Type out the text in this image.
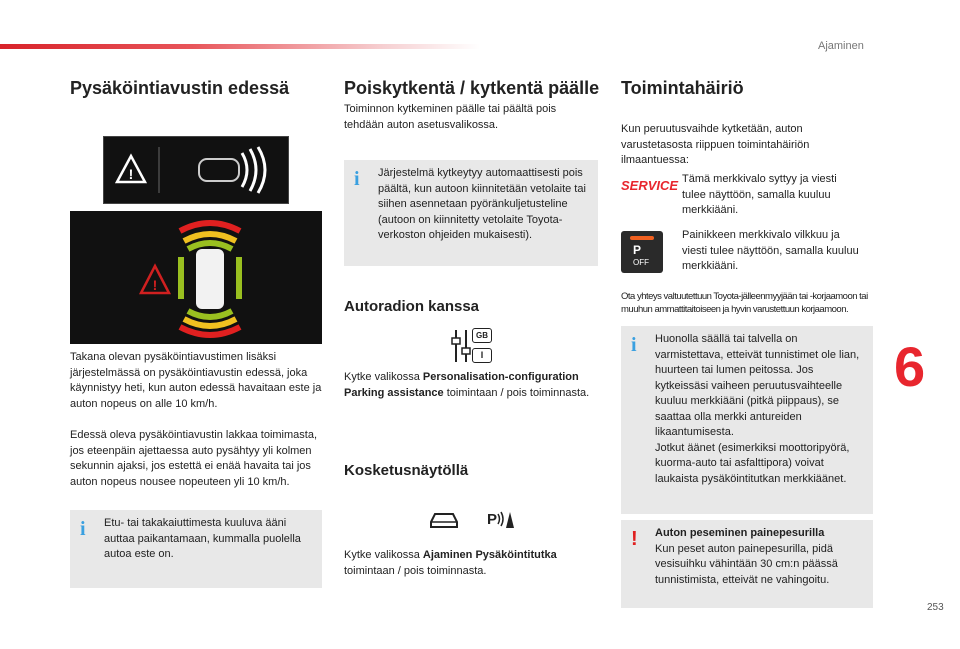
Ajaminen
Pysäköintiavustin edessä
!
!
Takana olevan pysäköintiavustimen lisäksi järjestelmässä on pysäköintiavustin edessä, joka käynnistyy heti, kun auton edessä havaitaan este ja auton nopeus on alle 10 km/h.
Edessä oleva pysäköintiavustin lakkaa toimimasta, jos eteenpäin ajettaessa auto pysähtyy yli kolmen sekunnin ajaksi, jos estettä ei enää havaita tai jos auton nopeus nousee nopeuteen yli 10 km/h.
i Etu- tai takakaiuttimesta kuuluva ääni auttaa paikantamaan, kummalla puolella autoa este on.
Poiskytkentä / kytkentä päälle
Toiminnon kytkeminen päälle tai päältä pois tehdään auton asetusvalikossa.
i Järjestelmä kytkeytyy automaattisesti pois päältä, kun autoon kiinnitetään vetolaite tai siihen asennetaan pyöränkuljetusteline (autoon on kiinnitetty vetolaite Toyota-verkoston ohjeiden mukaisesti).
Autoradion kanssa
GB
I
Kytke valikossa Personalisation-configuration Parking assistance toimintaan / pois toiminnasta.
Kosketusnäytöllä
P
Kytke valikossa Ajaminen Pysäköintitutka toimintaan / pois toiminnasta.
Toimintahäiriö
Kun peruutusvaihde kytketään, auton varustetasosta riippuen toimintahäiriön ilmaantuessa:
SERVICE Tämä merkkivalo syttyy ja viesti tulee näyttöön, samalla kuuluu merkkiääni.
P
OFF
Painikkeen merkkivalo vilkkuu ja viesti tulee näyttöön, samalla kuuluu merkkiääni.
Ota yhteys valtuutettuun Toyota-jälleenmyyjään tai -korjaamoon tai muuhun ammattitaitoiseen ja hyvin varustettuun korjaamoon.
i Huonolla säällä tai talvella on varmistettava, etteivät tunnistimet ole lian, huurteen tai lumen peitossa. Jos kytkeissäsi vaiheen peruutusvaihteelle kuuluu merkkiääni (pitkä piippaus), se saattaa olla merkki antureiden likaantumisesta.
Jotkut äänet (esimerkiksi moottoripyörä, kuorma-auto tai asfalttipora) voivat laukaista pysäköintitutkan merkkiäänet.
! Auton peseminen painepesurilla
Kun peset auton painepesurilla, pidä vesisuihku vähintään 30 cm:n päässä tunnistimista, etteivät ne vahingoitu.
6
253
